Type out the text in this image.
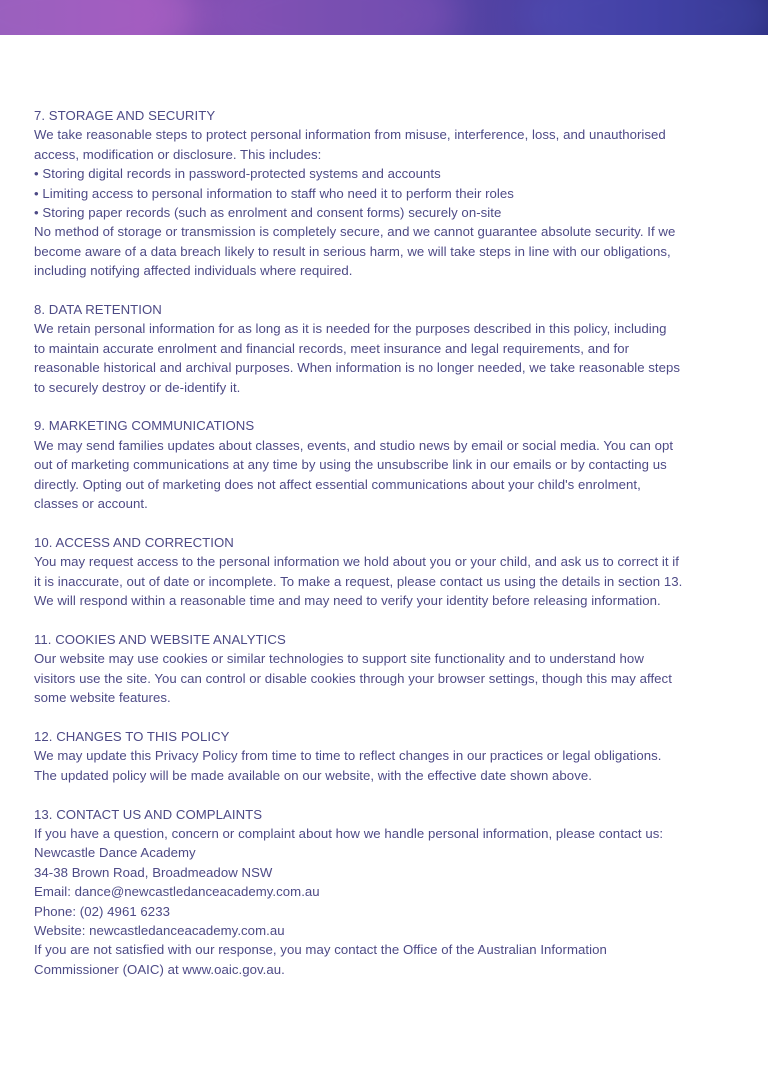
7. STORAGE AND SECURITY
We take reasonable steps to protect personal information from misuse, interference, loss, and unauthorised
access, modification or disclosure. This includes:
• Storing digital records in password-protected systems and accounts
• Limiting access to personal information to staff who need it to perform their roles
• Storing paper records (such as enrolment and consent forms) securely on-site
No method of storage or transmission is completely secure, and we cannot guarantee absolute security. If we
become aware of a data breach likely to result in serious harm, we will take steps in line with our obligations,
including notifying affected individuals where required.
8. DATA RETENTION
We retain personal information for as long as it is needed for the purposes described in this policy, including
to maintain accurate enrolment and financial records, meet insurance and legal requirements, and for
reasonable historical and archival purposes. When information is no longer needed, we take reasonable steps
to securely destroy or de-identify it.
9. MARKETING COMMUNICATIONS
We may send families updates about classes, events, and studio news by email or social media. You can opt
out of marketing communications at any time by using the unsubscribe link in our emails or by contacting us
directly. Opting out of marketing does not affect essential communications about your child's enrolment,
classes or account.
10. ACCESS AND CORRECTION
You may request access to the personal information we hold about you or your child, and ask us to correct it if
it is inaccurate, out of date or incomplete. To make a request, please contact us using the details in section 13.
We will respond within a reasonable time and may need to verify your identity before releasing information.
11. COOKIES AND WEBSITE ANALYTICS
Our website may use cookies or similar technologies to support site functionality and to understand how
visitors use the site. You can control or disable cookies through your browser settings, though this may affect
some website features.
12. CHANGES TO THIS POLICY
We may update this Privacy Policy from time to time to reflect changes in our practices or legal obligations.
The updated policy will be made available on our website, with the effective date shown above.
13. CONTACT US AND COMPLAINTS
If you have a question, concern or complaint about how we handle personal information, please contact us:
Newcastle Dance Academy
34-38 Brown Road, Broadmeadow NSW
Email: dance@newcastledanceacademy.com.au
Phone: (02) 4961 6233
Website: newcastledanceacademy.com.au
If you are not satisfied with our response, you may contact the Office of the Australian Information
Commissioner (OAIC) at www.oaic.gov.au.
